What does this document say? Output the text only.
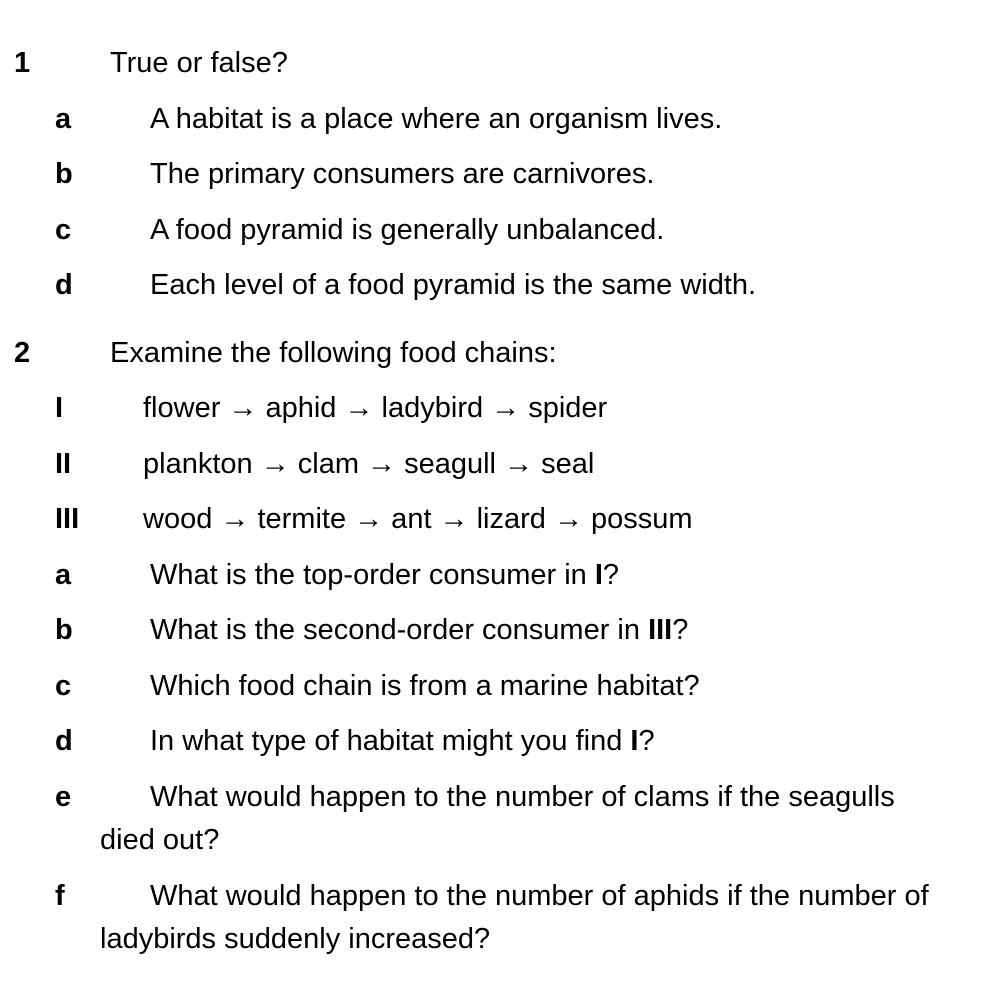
1	True or false?

a	A habitat is a place where an organism lives.

b	The primary consumers are carnivores.

c	A food pyramid is generally unbalanced.

d	Each level of a food pyramid is the same width.

2	Examine the following food chains:

I	flower → aphid → ladybird → spider

II plankton → clam → seagull → seal

III wood → termite → ant → lizard → possum

a	What is the top-order consumer in I?

b	What is the second-order consumer in III?

c	Which food chain is from a marine habitat?

d	In what type of habitat might you find I?

e	What would happen to the number of clams if the seagulls died out?

f	What would happen to the number of aphids if the number of ladybirds suddenly increased?
